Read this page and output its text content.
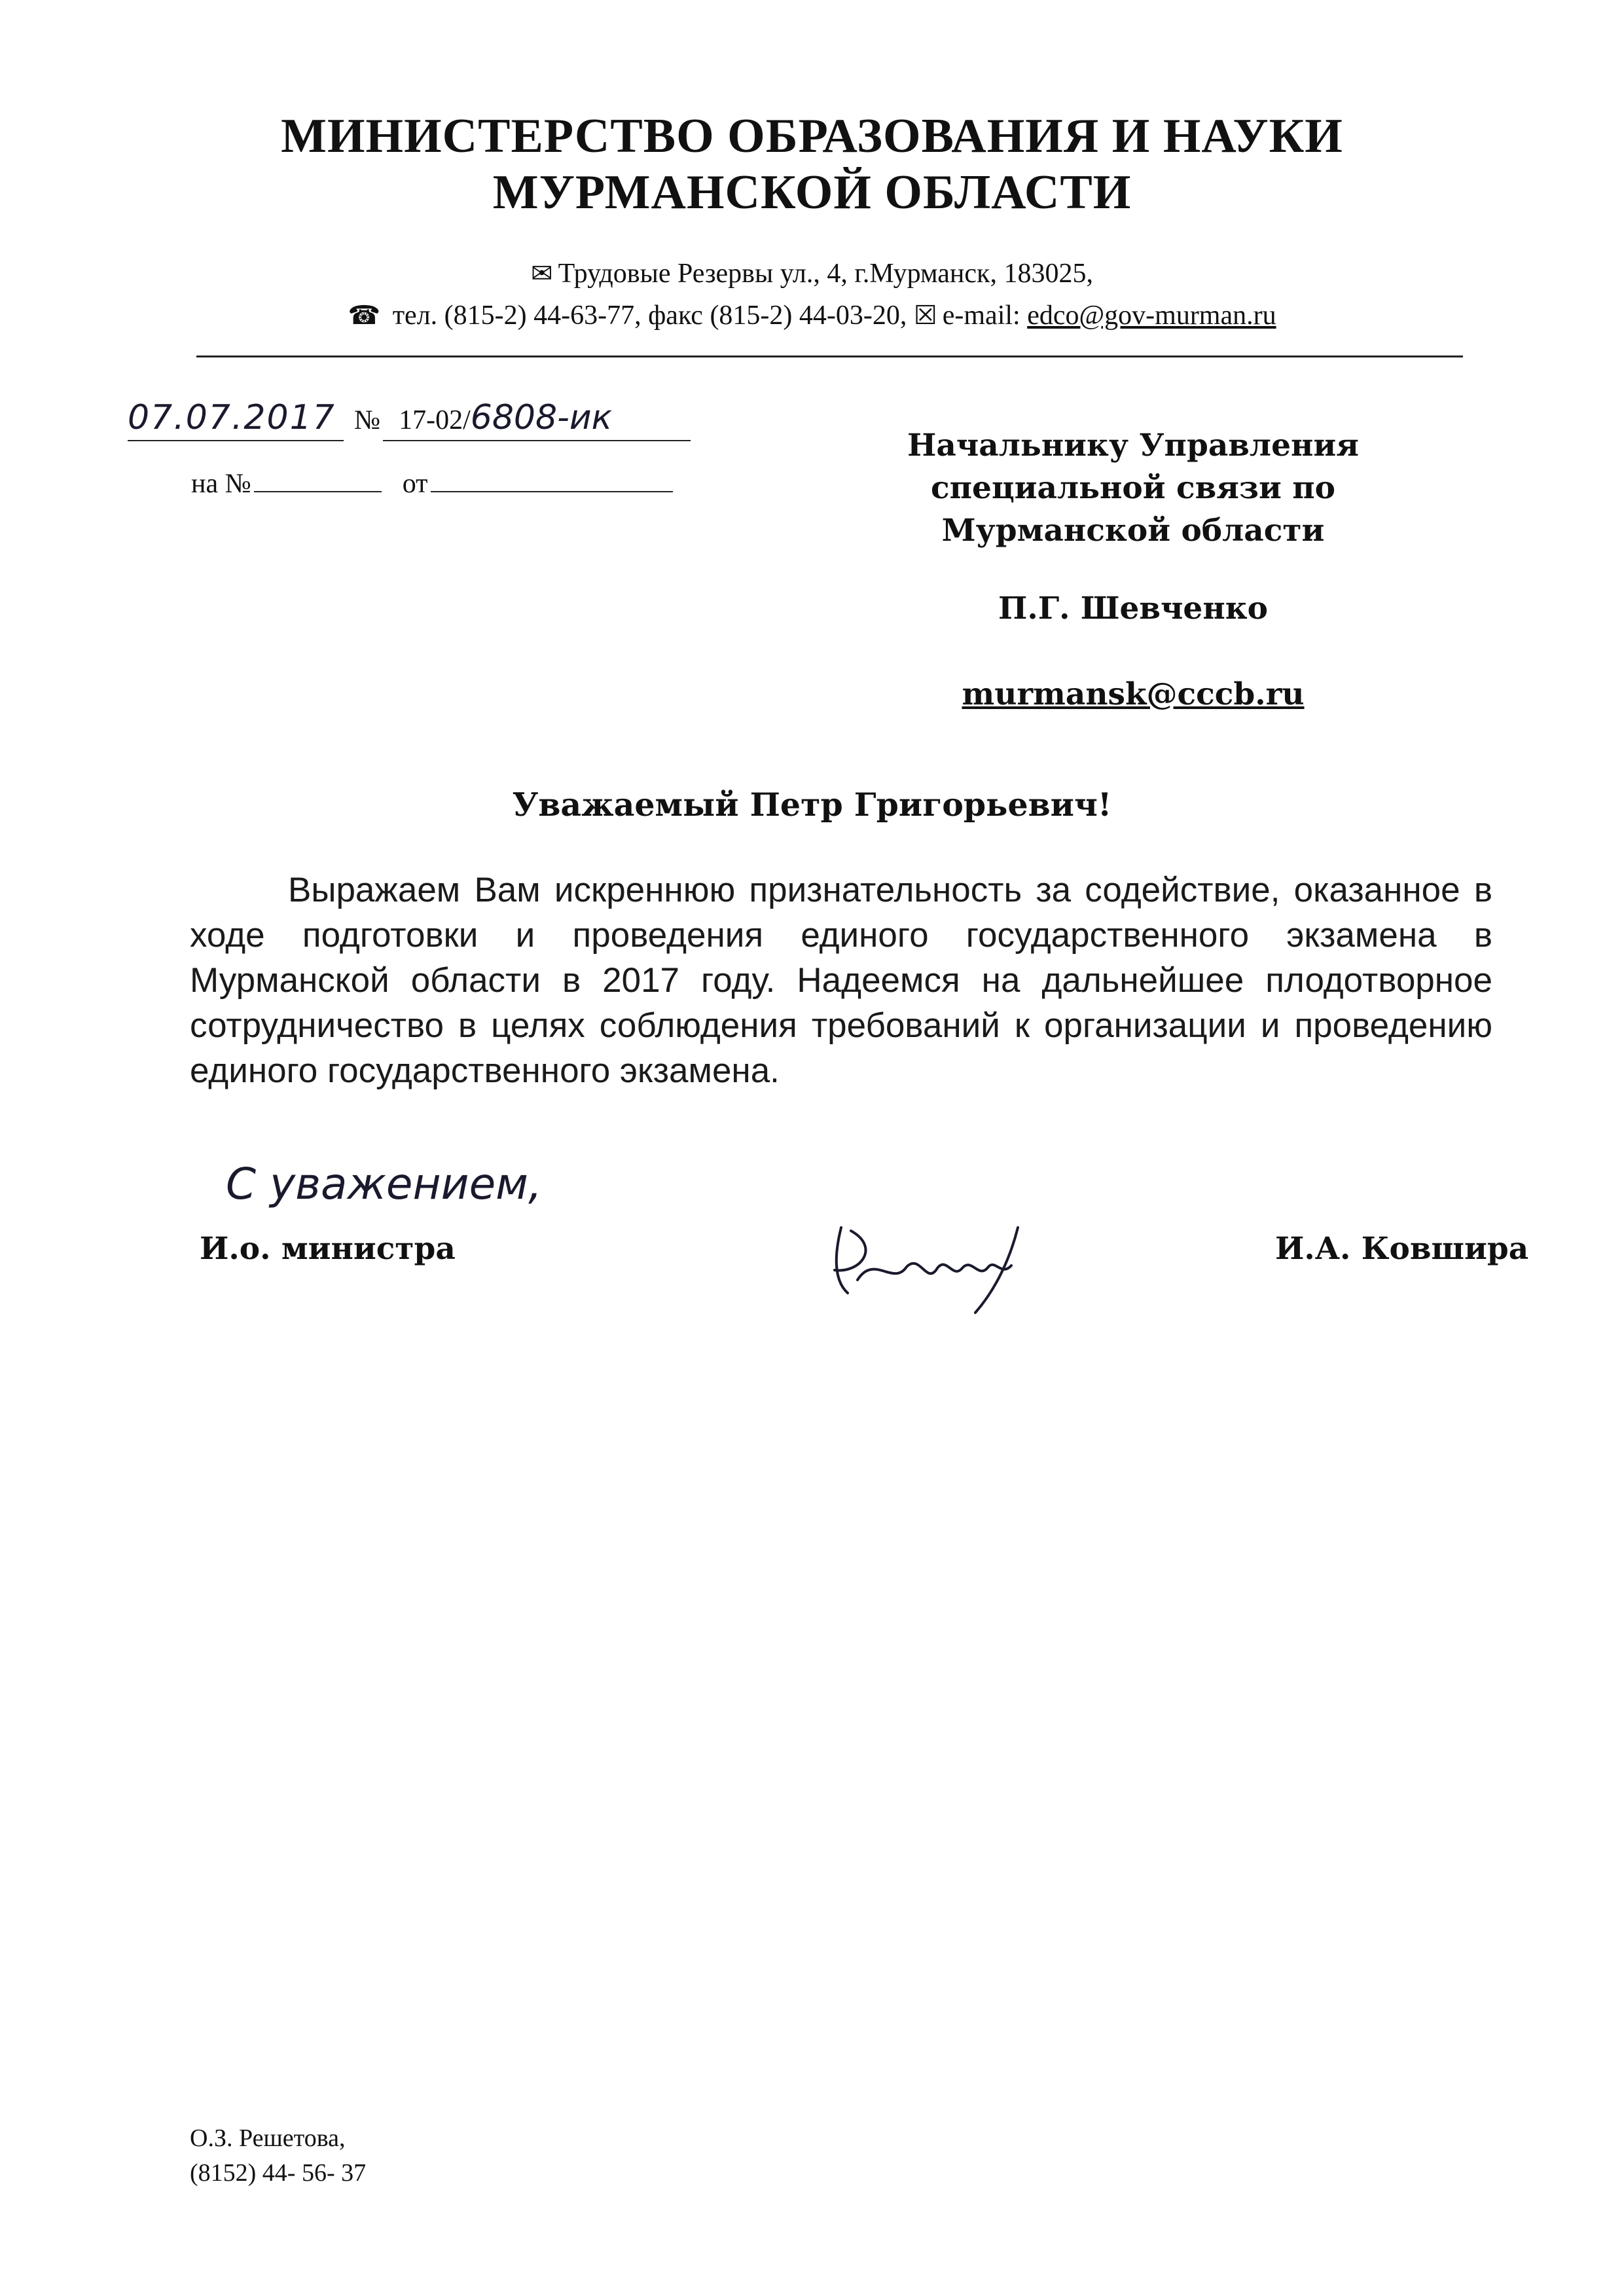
МИНИСТЕРСТВО ОБРАЗОВАНИЯ И НАУКИ
МУРМАНСКОЙ ОБЛАСТИ
✉ Трудовые Резервы ул., 4, г.Мурманск, 183025,
☎ тел. (815-2) 44-63-77, факс (815-2) 44-03-20, ☒ e-mail: edco@gov-murman.ru
07.07.2017 № 17-02/6808-ик
на №	от
Начальнику Управления
специальной связи по
Мурманской области
П.Г. Шевченко
murmansk@cccb.ru
Уважаемый Петр Григорьевич!
Выражаем Вам искреннюю признательность за содействие, оказанное в ходе подготовки и проведения единого государственного экзамена в Мурманской области в 2017 году. Надеемся на дальнейшее плодотворное сотрудничество в целях соблюдения требований к организации и проведению единого государственного экзамена.
С уважением,
И.о. министра	И.А. Ковшира
О.З. Решетова,
(8152) 44- 56- 37
